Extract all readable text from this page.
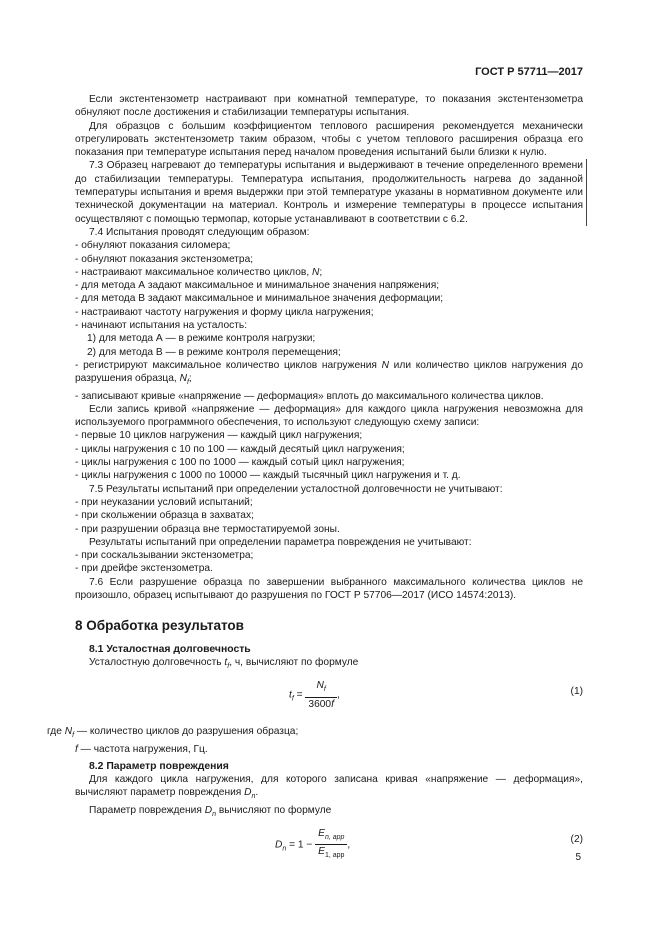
ГОСТ Р 57711—2017

Если экстентензометр настраивают при комнатной температуре, то показания экстентензометра обнуляют после достижения и стабилизации температуры испытания.

Для образцов с большим коэффициентом теплового расширения рекомендуется механически отрегулировать экстентензометр таким образом, чтобы с учетом теплового расширения образца его показания при температуре испытания перед началом проведения испытаний были близки к нулю.

7.3 Образец нагревают до температуры испытания и выдерживают в течение определенного времени до стабилизации температуры. Температура испытания, продолжительность нагрева до заданной температуры испытания и время выдержки при этой температуре указаны в нормативном документе или технической документации на материал. Контроль и измерение температуры в процессе испытания осуществляют с помощью термопар, которые устанавливают в соответствии с 6.2.

7.4 Испытания проводят следующим образом:

- обнуляют показания силомера;

- обнуляют показания экстензометра;

- настраивают максимальное количество циклов, N;

- для метода А задают максимальное и минимальное значения напряжения;

- для метода В задают максимальное и минимальное значения деформации;

- настраивают частоту нагружения и форму цикла нагружения;

- начинают испытания на усталость:

1) для метода А — в режиме контроля нагрузки;

2) для метода В — в режиме контроля перемещения;

- регистрируют максимальное количество циклов нагружения N или количество циклов нагружения до разрушения образца, $N_f$;

- записывают кривые «напряжение — деформация» вплоть до максимального количества циклов.

Если запись кривой «напряжение — деформация» для каждого цикла нагружения невозможна для используемого программного обеспечения, то используют следующую схему записи:

- первые 10 циклов нагружения — каждый цикл нагружения;

- циклы нагружения с 10 по 100 — каждый десятый цикл нагружения;

- циклы нагружения с 100 по 1000 — каждый сотый цикл нагружения;

- циклы нагружения с 1000 по 10000 — каждый тысячный цикл нагружения и т. д.

7.5 Результаты испытаний при определении усталостной долговечности не учитывают:

- при неуказании условий испытаний;

- при скольжении образца в захватах;

- при разрушении образца вне термостатируемой зоны.

Результаты испытаний при определении параметра повреждения не учитывают:

- при соскальзывании экстензометра;

- при дрейфе экстензометра.

7.6 Если разрушение образца по завершении выбранного максимального количества циклов не произошло, образец испытывают до разрушения по ГОСТ Р 57706—2017 (ИСО 14574:2013).

8 Обработка результатов
8.1 Усталостная долговечность

Усталостную долговечность $t_f$, ч, вычисляют по формуле

$t_f = \frac{N_f}{3600f}$ ,	(1)

где $N_f$ — количество циклов до разрушения образца;

f — частота нагружения, Гц.

8.2 Параметр повреждения

Для каждого цикла нагружения, для которого записана кривая «напряжение — деформация», вычисляют параметр повреждения $D_n$.

Параметр повреждения $D_n$ вычисляют по формуле

$D_n = 1 - \frac{E_{n, app}}{E_{1, app}}$ ,
(2)
5
